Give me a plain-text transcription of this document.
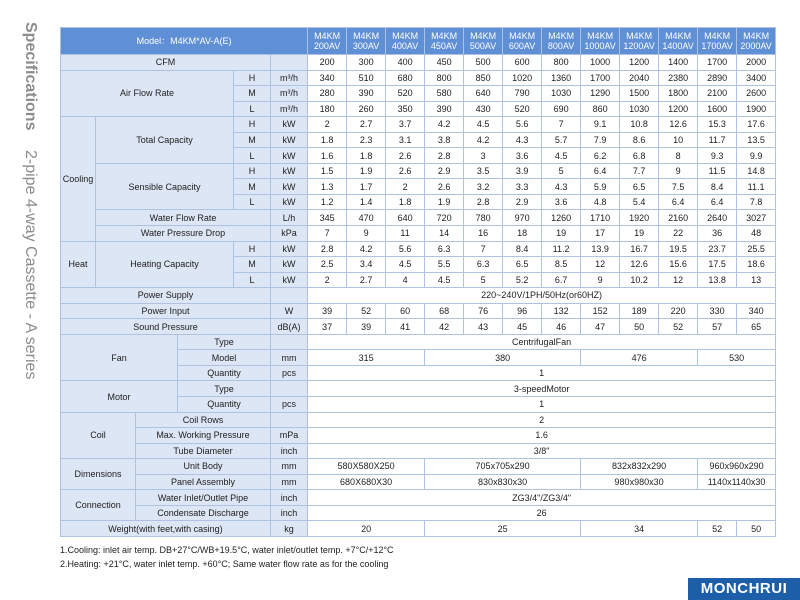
Specifications
2-pipe 4-way Cassette - A series
Model：M4KM*AV-A(E)						M4KM 200AV	M4KM 300AV	M4KM 400AV	M4KM 450AV	M4KM 500AV	M4KM 600AV	M4KM 800AV	M4KM 1000AV	M4KM 1200AV	M4KM 1400AV	M4KM 1700AV	M4KM 2000AV
CFM						200	300	400	450	500	600	800	1000	1200	1400	1700	2000
Air Flow Rate				H	m³/h	340	510	680	800	850	1020	1360	1700	2040	2380	2890	3400
				M	m³/h	280	390	520	580	640	790	1030	1290	1500	1800	2100	2600
				L	m³/h	180	260	350	390	430	520	690	860	1030	1200	1600	1900
Cooling	Total Capacity			H	kW	2	2.7	3.7	4.2	4.5	5.6	7	9.1	10.8	12.6	15.3	17.6
				M	kW	1.8	2.3	3.1	3.8	4.2	4.3	5.7	7.9	8.6	10	11.7	13.5
				L	kW	1.6	1.8	2.6	2.8	3	3.6	4.5	6.2	6.8	8	9.3	9.9
	Sensible Capacity			H	kW	1.5	1.9	2.6	2.9	3.5	3.9	5	6.4	7.7	9	11.5	14.8
				M	kW	1.3	1.7	2	2.6	3.2	3.3	4.3	5.9	6.5	7.5	8.4	11.1
				L	kW	1.2	1.4	1.8	1.9	2.8	2.9	3.6	4.8	5.4	6.4	6.4	7.8
	Water Flow Rate				L/h	345	470	640	720	780	970	1260	1710	1920	2160	2640	3027
	Water Pressure Drop				kPa	7	9	11	14	16	18	19	17	19	22	36	48
Heat	Heating Capacity			H	kW	2.8	4.2	5.6	6.3	7	8.4	11.2	13.9	16.7	19.5	23.7	25.5
				M	kW	2.5	3.4	4.5	5.5	6.3	6.5	8.5	12	12.6	15.6	17.5	18.6
				L	kW	2	2.7	4	4.5	5	5.2	6.7	9	10.2	12	13.8	13
Power Supply						220~240V/1PH/50Hz(or60HZ)											
Power Input					W	39	52	60	68	76	96	132	152	189	220	330	340
Sound Pressure					dB(A)	37	39	41	42	43	45	46	47	50	52	57	65
Fan			Type			CentrifugalFan											
			Model		mm	315			380				476			530	
			Quantity		pcs	1											
Motor			Type			3-speedMotor											
			Quantity		pcs	1											
Coil		Coil Rows				2											
		Max. Working Pressure			mPa	1.6											
		Tube Diameter			inch	3/8"											
Dimensions		Unit Body			mm	580X580X250			705x705x290				832x832x290			960x960x290	
		Panel Assembly			mm	680X680X30			830x830x30				980x980x30			1140x1140x30	
Connection		Water Inlet/Outlet Pipe			inch	ZG3/4"/ZG3/4"											
		Condensate Discharge			inch	26											
Weight(with feet,with casing)					kg	20			25				34			52	50
1.Cooling: inlet air temp. DB+27°C/WB+19.5°C, water inlet/outlet temp. +7°C/+12°C
2.Heating: +21°C, water inlet temp. +60°C; Same water flow rate as for the cooling
MONCHRUI
